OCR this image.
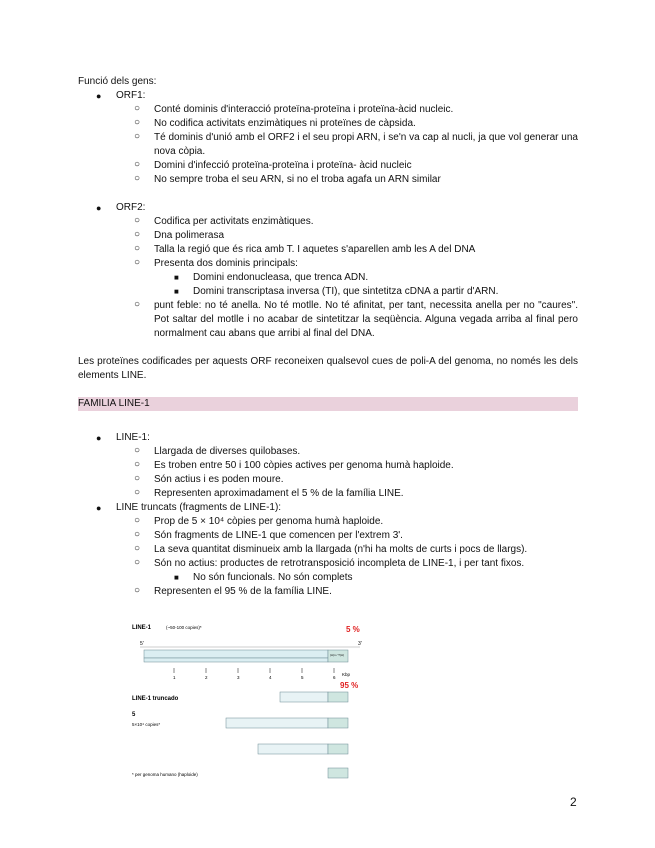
Funció dels gens:

● ORF1:
○ Conté dominis d'interacció proteïna-proteïna i proteïna-àcid nucleic.
○ No codifica activitats enzimàtiques ni proteïnes de càpsida.
○ Té dominis d'unió amb el ORF2 i el seu propi ARN, i se'n va cap al nucli, ja que vol generar una nova còpia.
○ Domini d'infecció proteïna-proteïna i proteïna- àcid nucleic
○ No sempre troba el seu ARN, si no el troba agafa un ARN similar
● ORF2:
○ Codifica per activitats enzimàtiques.
○ Dna polimerasa
○ Talla la regió que és rica amb T. I aquetes s'aparellen amb les A del DNA
○ Presenta dos dominis principals:
■ Domini endonucleasa, que trenca ADN.
■ Domini transcriptasa inversa (TI), que sintetitza cDNA a partir d'ARN.
○ punt feble: no té anella. No té motlle. No té afinitat, per tant, necessita anella per no "caures". Pot saltar del motlle i no acabar de sintetitzar la seqüència. Alguna vegada arriba al final pero normalment cau abans que arribi al final del DNA.

Les proteïnes codificades per aquests ORF reconeixen qualsevol cues de poli-A del genoma, no només les dels elements LINE.

FAMILIA LINE-1
● LINE-1:
○ Llargada de diverses quilobases.
○ Es troben entre 50 i 100 còpies actives per genoma humà haploide.
○ Són actius i es poden moure.
○ Representen aproximadament el 5 % de la família LINE.
● LINE truncats (fragments de LINE-1):
○ Prop de 5 × 10⁴ còpies per genoma humà haploide.
○ Són fragments de LINE-1 que comencen per l'extrem 3'.
○ La seva quantitat disminueix amb la llargada (n'hi ha molts de curts i pocs de llargs).
○ Són no actius: productes de retrotransposició incompleta de LINE-1, i per tant fixos.
■ No són funcionals. No són complets
○ Representen el 95 % de la família LINE.
LINE-1	(~50-100 copies)*	5 %
5'	3'
(A)n / T(A)
1	2	3	4	5	6
Kbp
95 %
LINE-1 truncado
5
5×10⁴ copies*
* per genoma humano (haploide)
2
